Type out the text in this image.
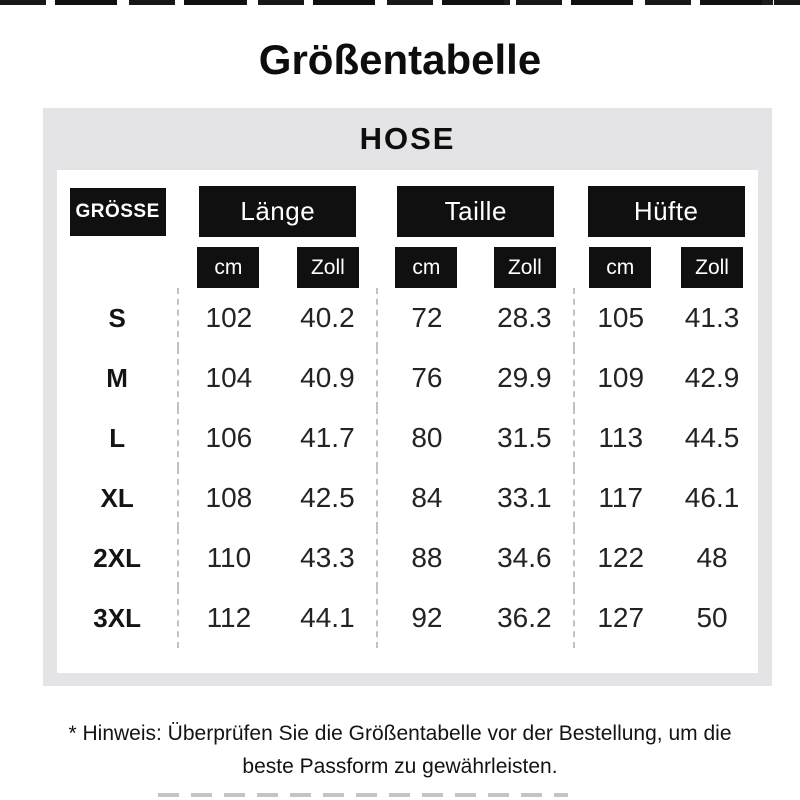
Größentabelle
HOSE
GRÖSSE	Länge		Taille		Hüfte	

cm	Zoll	cm	Zoll	cm	Zoll

S	102	40.2	72	28.3	105	41.3
M	104	40.9	76	29.9	109	42.9
L	106	41.7	80	31.5	113	44.5
XL	108	42.5	84	33.1	117	46.1
2XL	110	43.3	88	34.6	122	48
3XL	112	44.1	92	36.2	127	50
* Hinweis: Überprüfen Sie die Größentabelle vor der Bestellung, um die
beste Passform zu gewährleisten.
